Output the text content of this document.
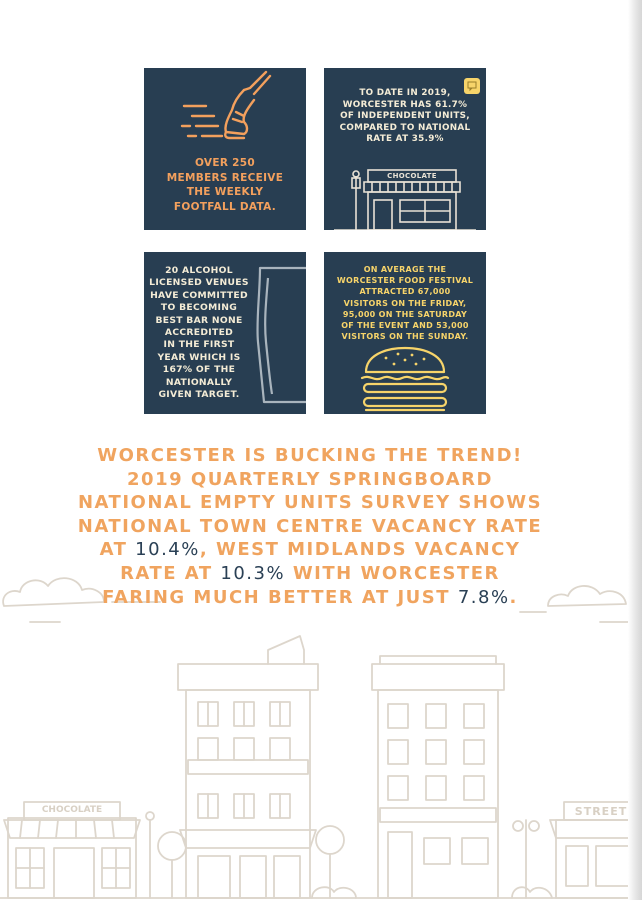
OVER 250
MEMBERS RECEIVE
THE WEEKLY
FOOTFALL DATA.
TO DATE IN 2019,
WORCESTER HAS 61.7%
OF INDEPENDENT UNITS,
COMPARED TO NATIONAL
RATE AT 35.9%
CHOCOLATE
20 ALCOHOL
LICENSED VENUES
HAVE COMMITTED
TO BECOMING
BEST BAR NONE
ACCREDITED
IN THE FIRST
YEAR WHICH IS
167% OF THE
NATIONALLY
GIVEN TARGET.
ON AVERAGE THE
WORCESTER FOOD FESTIVAL
ATTRACTED 67,000
VISITORS ON THE FRIDAY,
95,000 ON THE SATURDAY
OF THE EVENT AND 53,000
VISITORS ON THE SUNDAY.
WORCESTER IS BUCKING THE TREND!
2019 QUARTERLY SPRINGBOARD
NATIONAL EMPTY UNITS SURVEY SHOWS
NATIONAL TOWN CENTRE VACANCY RATE
AT 10.4%, WEST MIDLANDS VACANCY
RATE AT 10.3% WITH WORCESTER
FARING MUCH BETTER AT JUST 7.8%.
CHOCOLATE	STREET
